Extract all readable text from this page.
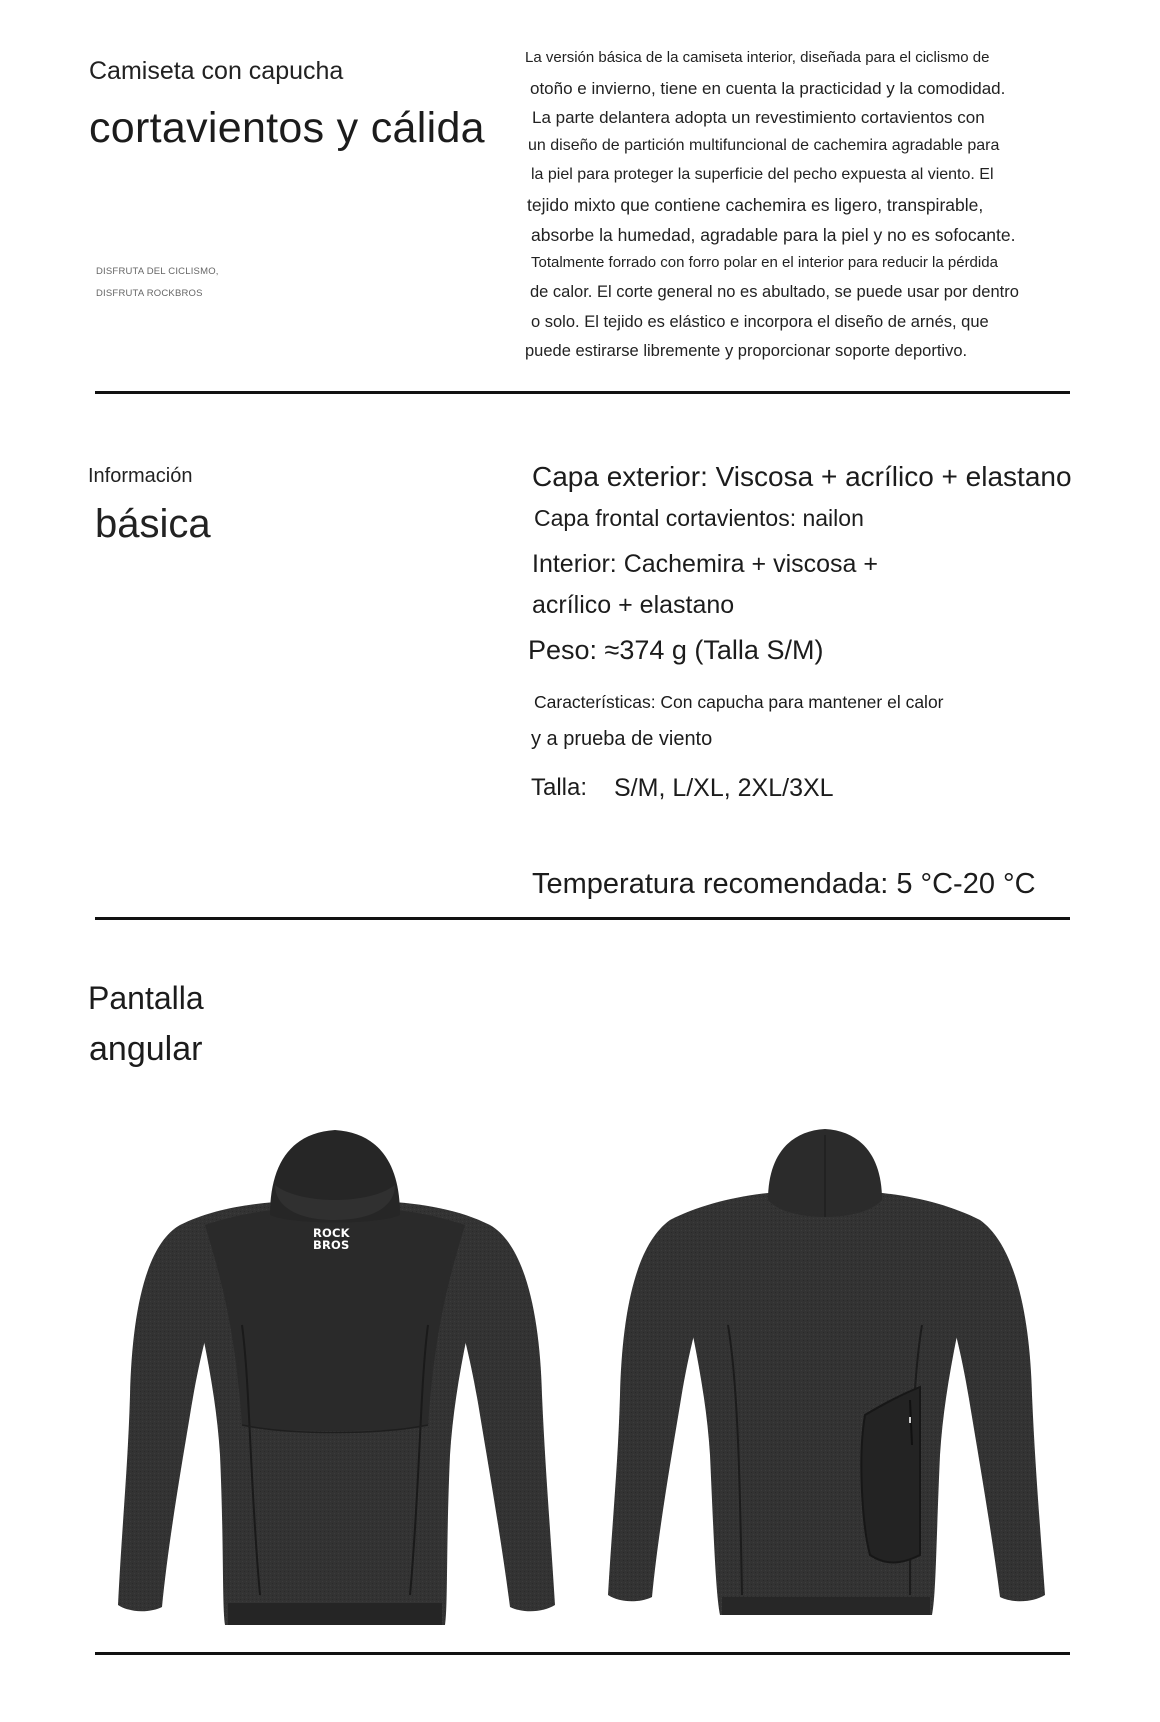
Camiseta con capucha
cortavientos y cálida
DISFRUTA DEL CICLISMO,
DISFRUTA ROCKBROS
La versión básica de la camiseta interior, diseñada para el ciclismo de
otoño e invierno, tiene en cuenta la practicidad y la comodidad.
La parte delantera adopta un revestimiento cortavientos con
un diseño de partición multifuncional de cachemira agradable para
la piel para proteger la superficie del pecho expuesta al viento. El
tejido mixto que contiene cachemira es ligero, transpirable,
absorbe la humedad, agradable para la piel y no es sofocante.
Totalmente forrado con forro polar en el interior para reducir la pérdida
de calor. El corte general no es abultado, se puede usar por dentro
o solo. El tejido es elástico e incorpora el diseño de arnés, que
puede estirarse libremente y proporcionar soporte deportivo.
Información
básica
Capa exterior: Viscosa + acrílico + elastano
Capa frontal cortavientos: nailon
Interior: Cachemira + viscosa +
acrílico + elastano
Peso: ≈374 g (Talla S/M)
Características: Con capucha para mantener el calor
y a prueba de viento
Talla: S/M, L/XL, 2XL/3XL
Temperatura recomendada: 5 °C-20 °C
Pantalla
angular
ROCK
BROS
